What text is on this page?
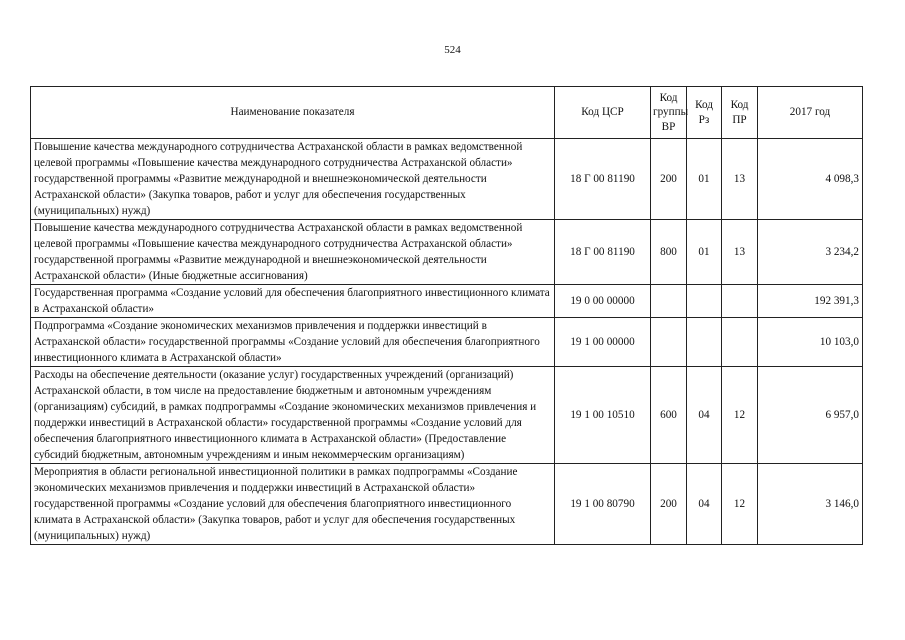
524
Наименование показателя	Код ЦСР	Код группы ВР	Код Рз	Код ПР	2017 год
Повышение качества международного сотрудничества Астраханской области в рамках ведомственной целевой программы «Повышение качества международного сотрудничества Астраханской области» государственной программы «Развитие международной и внешнеэкономической деятельности Астраханской области» (Закупка товаров, работ и услуг для обеспечения государственных (муниципальных) нужд)	18 Г 00 81190	200	01	13	4 098,3
Повышение качества международного сотрудничества Астраханской области в рамках ведомственной целевой программы «Повышение качества международного сотрудничества Астраханской области» государственной программы «Развитие международной и внешнеэкономической деятельности Астраханской области» (Иные бюджетные ассигнования)	18 Г 00 81190	800	01	13	3 234,2
Государственная программа «Создание условий для обеспечения благоприятного инвестиционного климата в Астраханской области»	19 0 00 00000				192 391,3
Подпрограмма «Создание экономических механизмов привлечения и поддержки инвестиций в Астраханской области» государственной программы «Создание условий для обеспечения благоприятного инвестиционного климата в Астраханской области»	19 1 00 00000				10 103,0
Расходы на обеспечение деятельности (оказание услуг) государственных учреждений (организаций) Астраханской области, в том числе на предоставление бюджетным и автономным учреждениям (организациям) субсидий, в рамках подпрограммы «Создание экономических механизмов привлечения и поддержки инвестиций в Астраханской области» государственной программы «Создание условий для обеспечения благоприятного инвестиционного климата в Астраханской области» (Предоставление субсидий бюджетным, автономным учреждениям и иным некоммерческим организациям)	19 1 00 10510	600	04	12	6 957,0
Мероприятия в области региональной инвестиционной политики в рамках подпрограммы «Создание экономических механизмов привлечения и поддержки инвестиций в Астраханской области» государственной программы «Создание условий для обеспечения благоприятного инвестиционного климата в Астраханской области» (Закупка товаров, работ и услуг для обеспечения государственных (муниципальных) нужд)	19 1 00 80790	200	04	12	3 146,0
